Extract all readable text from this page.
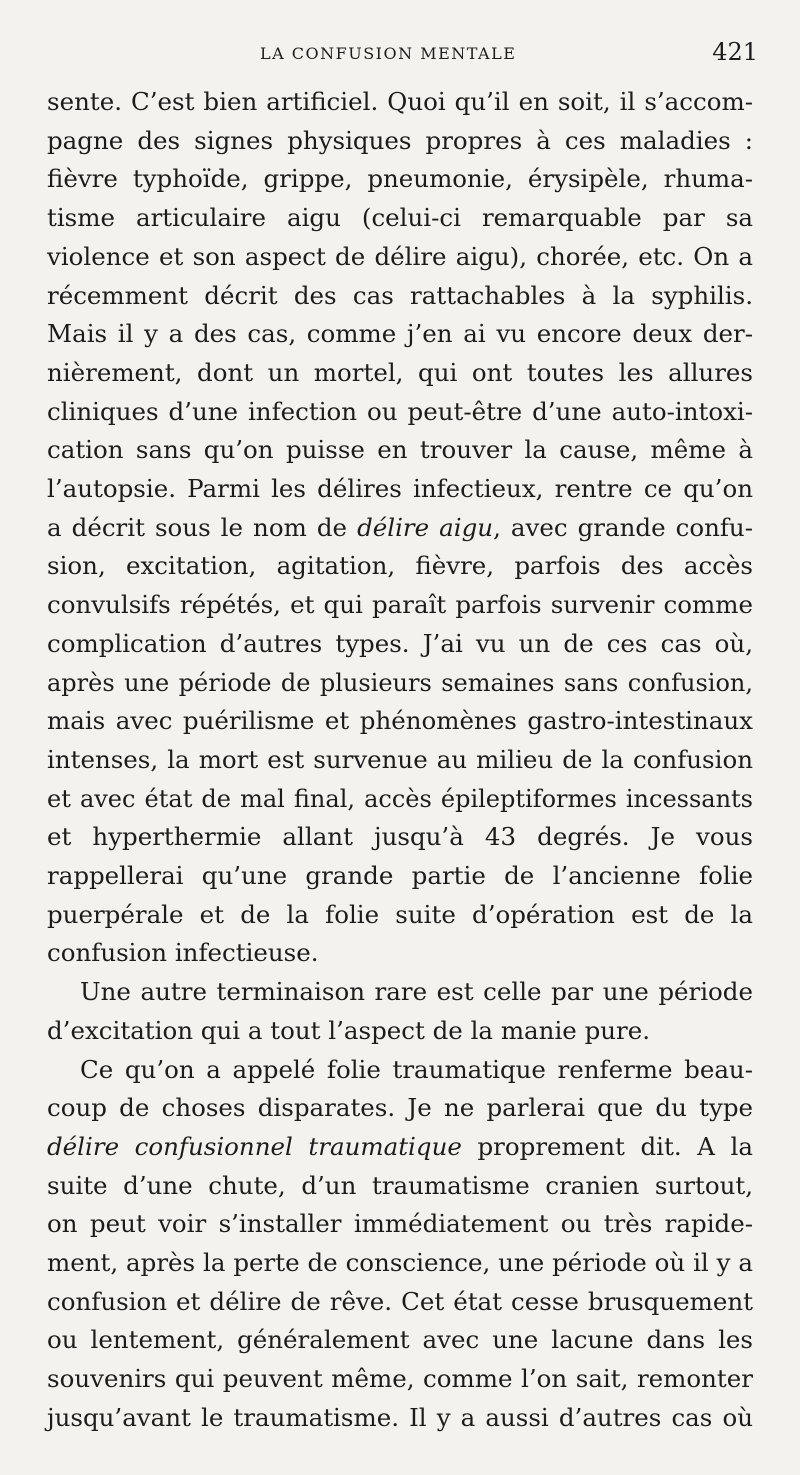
LA CONFUSION MENTALE	421
sente. C’est bien artificiel. Quoi qu’il en soit, il s’accom-
pagne des signes physiques propres à ces maladies :
fièvre typhoïde, grippe, pneumonie, érysipèle, rhuma-
tisme articulaire aigu (celui-ci remarquable par sa
violence et son aspect de délire aigu), chorée, etc. On a
récemment décrit des cas rattachables à la syphilis.
Mais il y a des cas, comme j’en ai vu encore deux der-
nièrement, dont un mortel, qui ont toutes les allures
cliniques d’une infection ou peut-être d’une auto-intoxi-
cation sans qu’on puisse en trouver la cause, même à
l’autopsie. Parmi les délires infectieux, rentre ce qu’on
a décrit sous le nom de délire aigu, avec grande confu-
sion, excitation, agitation, fièvre, parfois des accès
convulsifs répétés, et qui paraît parfois survenir comme
complication d’autres types. J’ai vu un de ces cas où,
après une période de plusieurs semaines sans confusion,
mais avec puérilisme et phénomènes gastro-intestinaux
intenses, la mort est survenue au milieu de la confusion
et avec état de mal final, accès épileptiformes incessants
et hyperthermie allant jusqu’à 43 degrés. Je vous
rappellerai qu’une grande partie de l’ancienne folie
puerpérale et de la folie suite d’opération est de la
confusion infectieuse.
Une autre terminaison rare est celle par une période
d’excitation qui a tout l’aspect de la manie pure.
Ce qu’on a appelé folie traumatique renferme beau-
coup de choses disparates. Je ne parlerai que du type
délire confusionnel traumatique proprement dit. A la
suite d’une chute, d’un traumatisme cranien surtout,
on peut voir s’installer immédiatement ou très rapide-
ment, après la perte de conscience, une période où il y a
confusion et délire de rêve. Cet état cesse brusquement
ou lentement, généralement avec une lacune dans les
souvenirs qui peuvent même, comme l’on sait, remonter
jusqu’avant le traumatisme. Il y a aussi d’autres cas où
